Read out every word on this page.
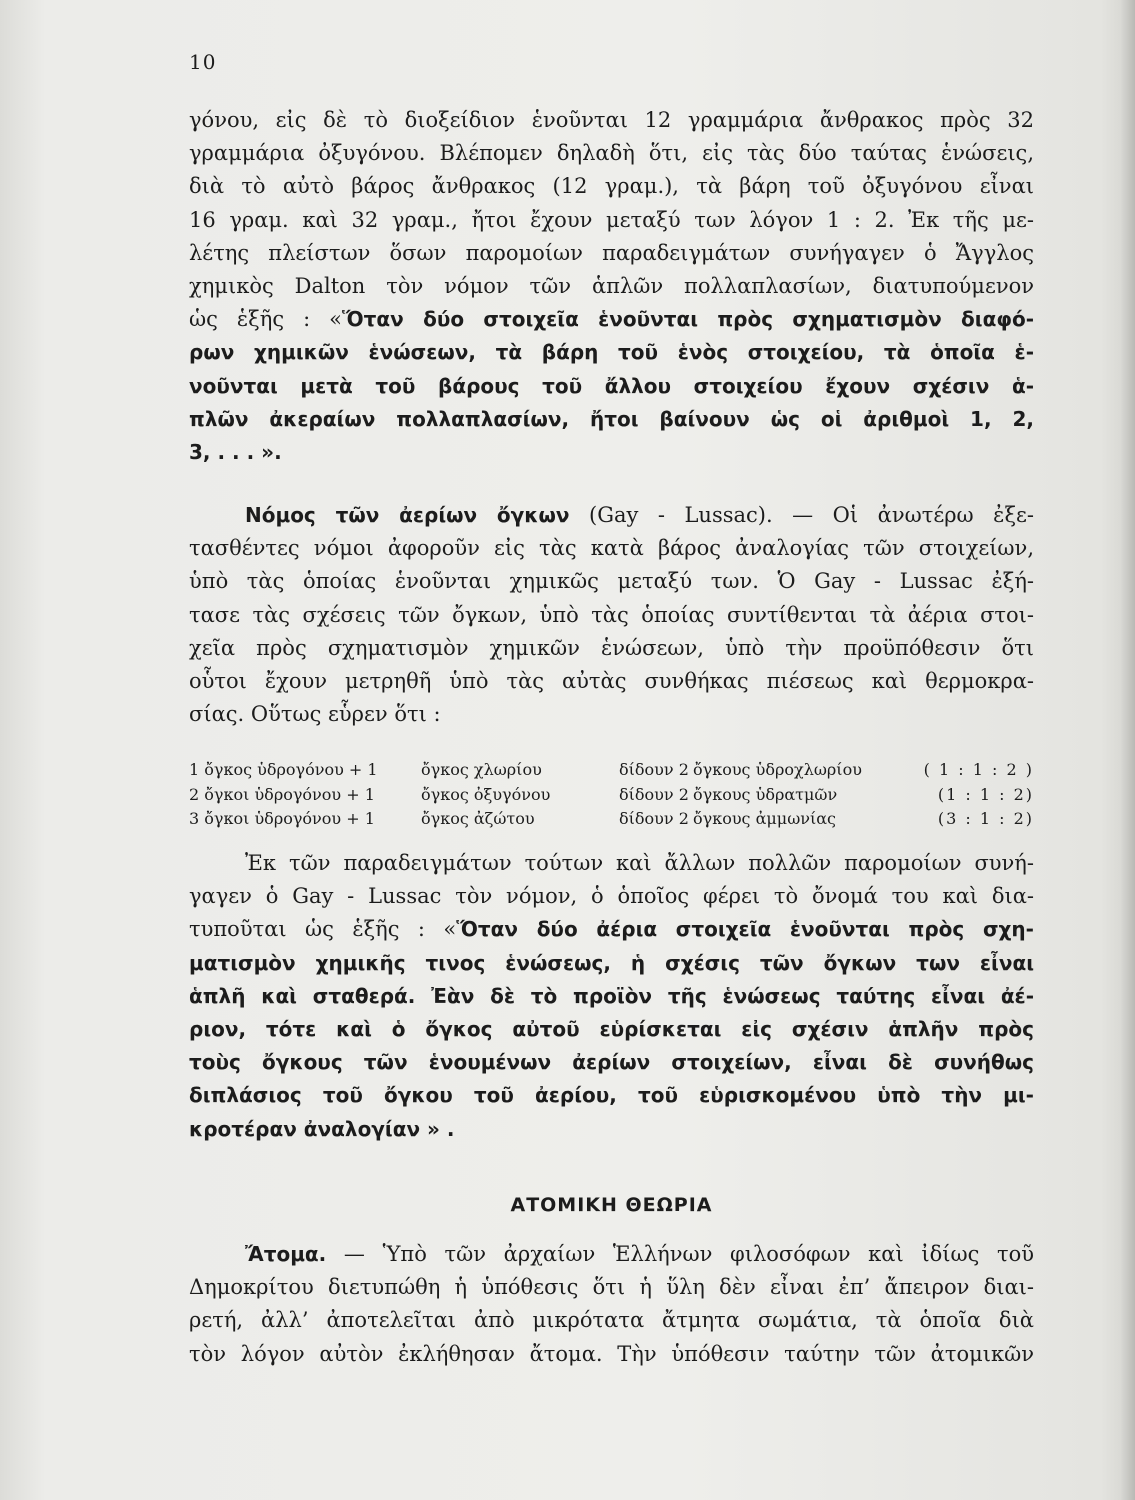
10
γόνου, εἰς δὲ τὸ διοξείδιον ἑνοῦνται 12 γραμμάρια ἄνθρακος πρὸς 32
γραμμάρια ὀξυγόνου. Βλέπομεν δηλαδὴ ὅτι, εἰς τὰς δύο ταύτας ἑνώσεις,
διὰ τὸ αὐτὸ βάρος ἄνθρακος (12 γραμ.), τὰ βάρη τοῦ ὀξυγόνου εἶναι
16 γραμ. καὶ 32 γραμ., ἤτοι ἔχουν μεταξύ των λόγον 1 : 2. Ἐκ τῆς με-
λέτης πλείστων ὅσων παρομοίων παραδειγμάτων συνήγαγεν ὁ Ἄγγλος
χημικὸς Dalton τὸν νόμον τῶν ἁπλῶν πολλαπλασίων, διατυπούμενον
ὡς ἑξῆς : «Ὅταν δύο στοιχεῖα ἑνοῦνται πρὸς σχηματισμὸν διαφό-
ρων χημικῶν ἑνώσεων, τὰ βάρη τοῦ ἑνὸς στοιχείου, τὰ ὁποῖα ἑ-
νοῦνται μετὰ τοῦ βάρους τοῦ ἄλλου στοιχείου ἔχουν σχέσιν ἁ-
πλῶν ἀκεραίων πολλαπλασίων, ἤτοι βαίνουν ὡς οἱ ἀριθμοὶ 1, 2,
3, . . . ».
Νόμος τῶν ἀερίων ὄγκων (Gay - Lussac). — Οἱ ἀνωτέρω ἐξε-
τασθέντες νόμοι ἀφοροῦν εἰς τὰς κατὰ βάρος ἀναλογίας τῶν στοιχείων,
ὑπὸ τὰς ὁποίας ἑνοῦνται χημικῶς μεταξύ των. Ὁ Gay - Lussac ἐξή-
τασε τὰς σχέσεις τῶν ὄγκων, ὑπὸ τὰς ὁποίας συντίθενται τὰ ἀέρια στοι-
χεῖα πρὸς σχηματισμὸν χημικῶν ἑνώσεων, ὑπὸ τὴν προϋπόθεσιν ὅτι
οὗτοι ἔχουν μετρηθῆ ὑπὸ τὰς αὐτὰς συνθήκας πιέσεως καὶ θερμοκρα-
σίας. Οὕτως εὗρεν ὅτι :
1 ὄγκος ὑδρογόνου + 1	ὄγκος χλωρίου	δίδουν 2 ὄγκους ὑδροχλωρίου	( 1 : 1 : 2 )
2 ὄγκοι ὑδρογόνου + 1	ὄγκος ὀξυγόνου	δίδουν 2 ὄγκους ὑδρατμῶν	(1 : 1 : 2)
3 ὄγκοι ὑδρογόνου + 1	ὄγκος ἀζώτου	δίδουν 2 ὄγκους ἀμμωνίας	(3 : 1 : 2)
Ἐκ τῶν παραδειγμάτων τούτων καὶ ἄλλων πολλῶν παρομοίων συνή-
γαγεν ὁ Gay - Lussac τὸν νόμον, ὁ ὁποῖος φέρει τὸ ὄνομά του καὶ δια-
τυποῦται ὡς ἑξῆς : «Ὅταν δύο ἀέρια στοιχεῖα ἑνοῦνται πρὸς σχη-
ματισμὸν χημικῆς τινος ἑνώσεως, ἡ σχέσις τῶν ὄγκων των εἶναι
ἁπλῆ καὶ σταθερά. Ἐὰν δὲ τὸ προϊὸν τῆς ἑνώσεως ταύτης εἶναι ἀέ-
ριον, τότε καὶ ὁ ὄγκος αὐτοῦ εὑρίσκεται εἰς σχέσιν ἁπλῆν πρὸς
τοὺς ὄγκους τῶν ἑνουμένων ἀερίων στοιχείων, εἶναι δὲ συνήθως
διπλάσιος τοῦ ὄγκου τοῦ ἀερίου, τοῦ εὑρισκομένου ὑπὸ τὴν μι-
κροτέραν ἀναλογίαν » .
ΑΤΟΜΙΚΗ ΘΕΩΡΙΑ
Ἄτομα. — Ὑπὸ τῶν ἀρχαίων Ἑλλήνων φιλοσόφων καὶ ἰδίως τοῦ
Δημοκρίτου διετυπώθη ἡ ὑπόθεσις ὅτι ἡ ὕλη δὲν εἶναι ἐπ’ ἄπειρον διαι-
ρετή, ἀλλ’ ἀποτελεῖται ἀπὸ μικρότατα ἄτμητα σωμάτια, τὰ ὁποῖα διὰ
τὸν λόγον αὐτὸν ἐκλήθησαν ἄτομα. Τὴν ὑπόθεσιν ταύτην τῶν ἀτομικῶν
